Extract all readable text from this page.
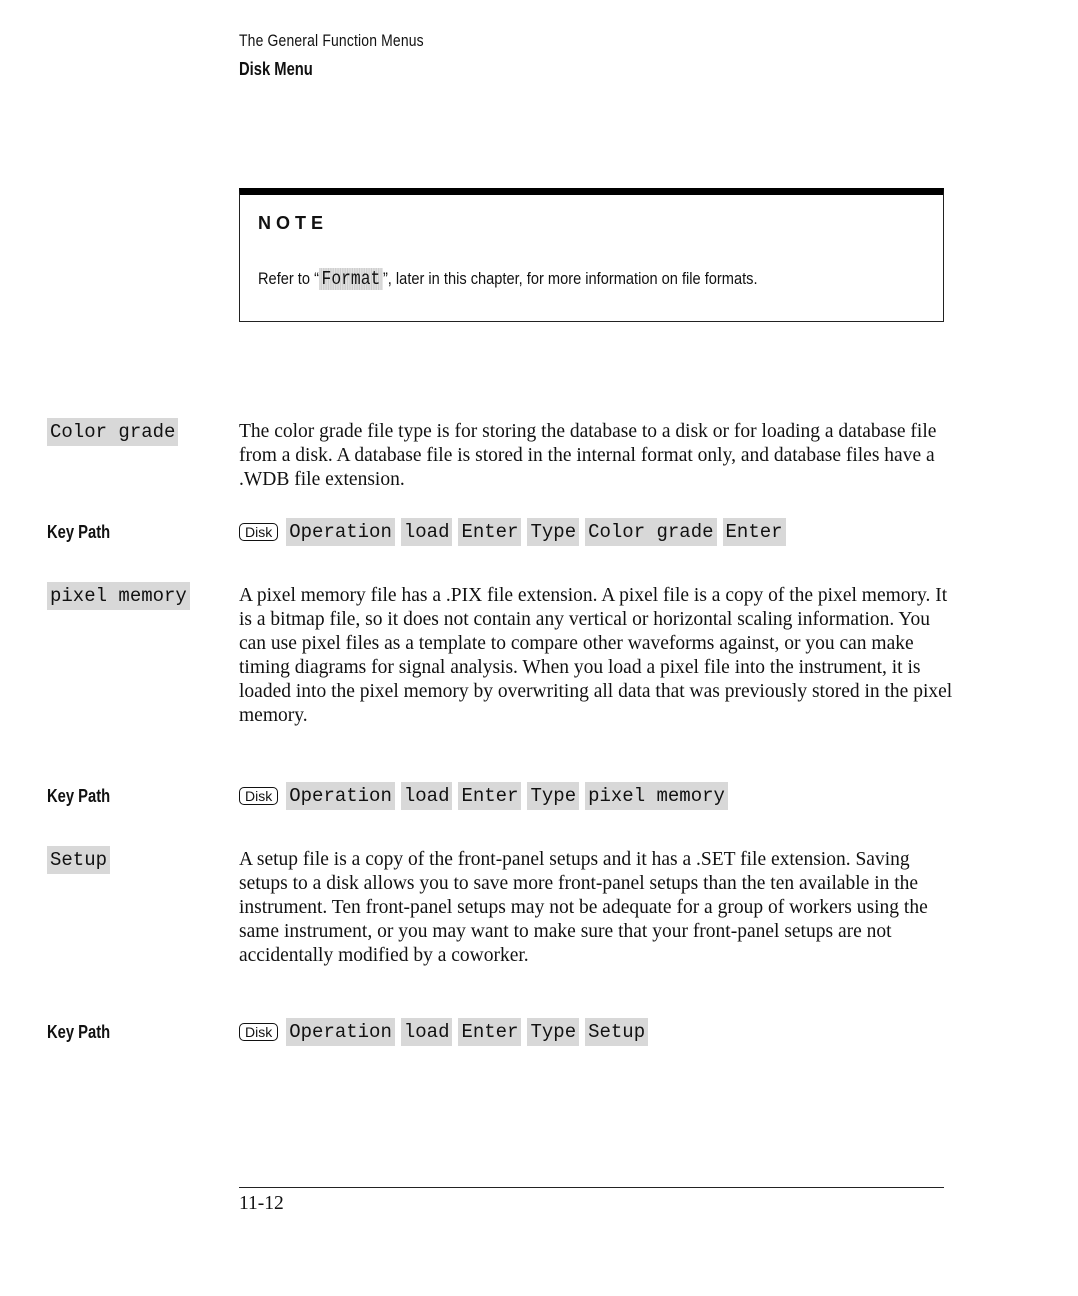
The General Function Menus
Disk Menu
NOTE
Refer to “ Format ”, later in this chapter, for more information on file formats.
Color grade	The color grade file type is for storing the database to a disk or for loading a database file from a disk. A database file is stored in the internal format only, and database files have a .WDB file extension.
Key Path	Disk Operation load Enter Type Color grade Enter
pixel memory	A pixel memory file has a .PIX file extension. A pixel file is a copy of the pixel memory. It is a bitmap file, so it does not contain any vertical or horizontal scaling information. You can use pixel files as a template to compare other waveforms against, or you can make timing diagrams for signal analysis. When you load a pixel file into the instrument, it is loaded into the pixel memory by overwriting all data that was previously stored in the pixel memory.
Key Path	Disk Operation load Enter Type pixel memory
Setup	A setup file is a copy of the front-panel setups and it has a .SET file extension. Saving setups to a disk allows you to save more front-panel setups than the ten available in the instrument. Ten front-panel setups may not be adequate for a group of workers using the same instrument, or you may want to make sure that your front-panel setups are not accidentally modified by a coworker.
Key Path	Disk Operation load Enter Type Setup
11-12
